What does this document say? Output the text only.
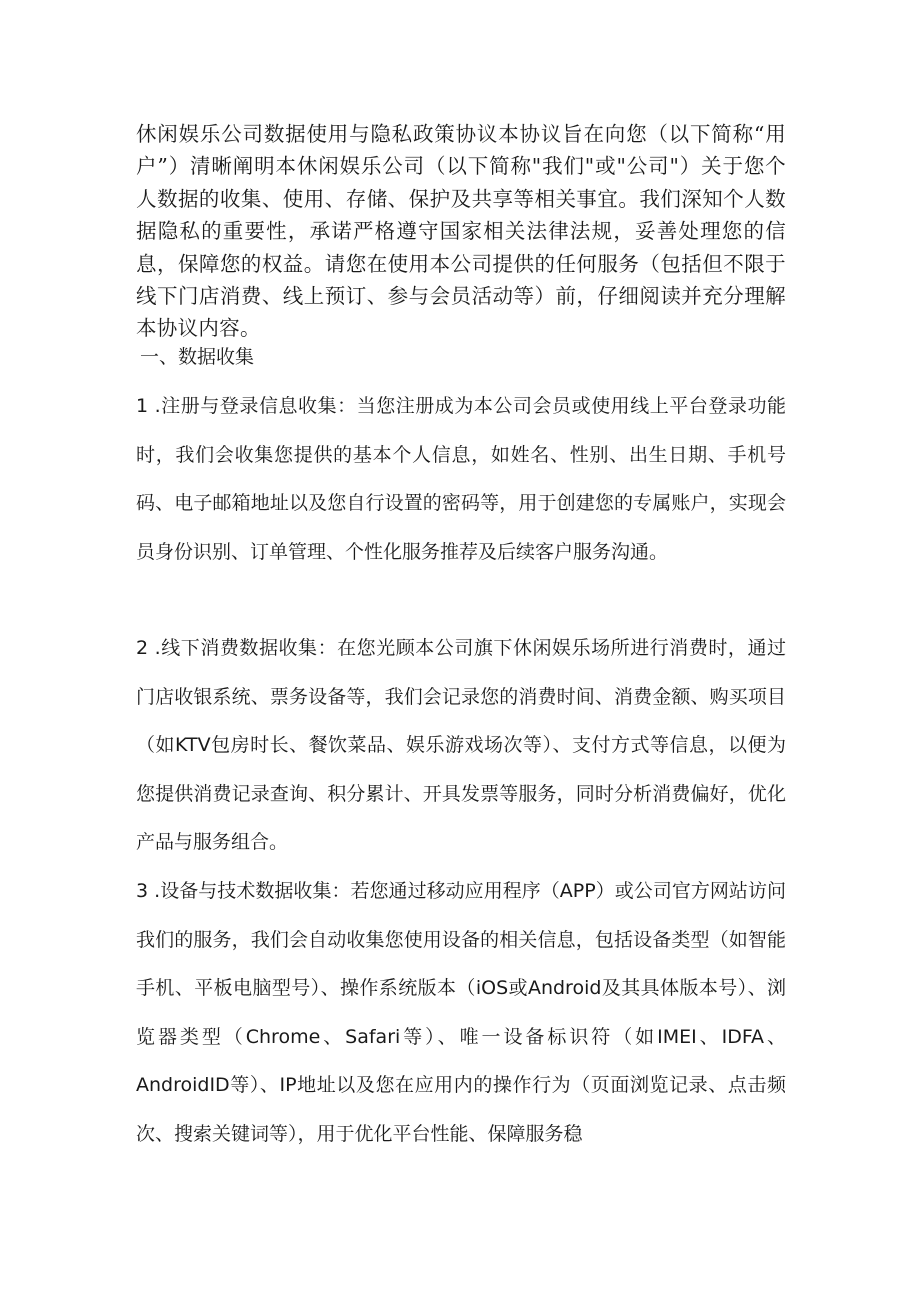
休闲娱乐公司数据使用与隐私政策协议本协议旨在向您（以下简称“用户”）清晰阐明本休闲娱乐公司（以下简称"我们"或"公司"）关于您个人数据的收集、使用、存储、保护及共享等相关事宜。我们深知个人数据隐私的重要性，承诺严格遵守国家相关法律法规，妥善处理您的信息，保障您的权益。请您在使用本公司提供的任何服务（包括但不限于线下门店消费、线上预订、参与会员活动等）前，仔细阅读并充分理解本协议内容。

一、数据收集

1 .注册与登录信息收集：当您注册成为本公司会员或使用线上平台登录功能时，我们会收集您提供的基本个人信息，如姓名、性别、出生日期、手机号码、电子邮箱地址以及您自行设置的密码等，用于创建您的专属账户，实现会员身份识别、订单管理、个性化服务推荐及后续客户服务沟通。

2 .线下消费数据收集：在您光顾本公司旗下休闲娱乐场所进行消费时，通过门店收银系统、票务设备等，我们会记录您的消费时间、消费金额、购买项目（如KTV包房时长、餐饮菜品、娱乐游戏场次等）、支付方式等信息，以便为您提供消费记录查询、积分累计、开具发票等服务，同时分析消费偏好，优化产品与服务组合。

3 .设备与技术数据收集：若您通过移动应用程序（APP）或公司官方网站访问我们的服务，我们会自动收集您使用设备的相关信息，包括设备类型（如智能手机、平板电脑型号）、操作系统版本（iOS或Android及其具体版本号）、浏览器类型（Chrome、Safari等）、唯一设备标识符（如IMEI、IDFA、AndroidID等）、IP地址以及您在应用内的操作行为（页面浏览记录、点击频次、搜索关键词等），用于优化平台性能、保障服务稳
